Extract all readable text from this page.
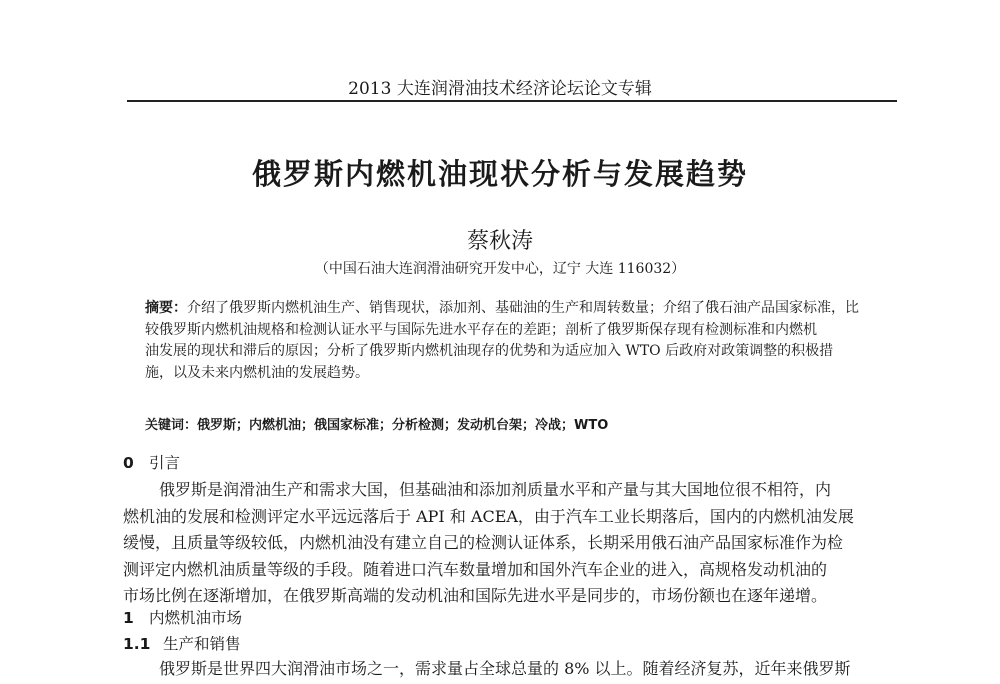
2013 大连润滑油技术经济论坛论文专辑
俄罗斯内燃机油现状分析与发展趋势
蔡秋涛
（中国石油大连润滑油研究开发中心，辽宁 大连 116032）
摘要：介绍了俄罗斯内燃机油生产、销售现状，添加剂、基础油的生产和周转数量；介绍了俄石油产品国家标准，比
较俄罗斯内燃机油规格和检测认证水平与国际先进水平存在的差距；剖析了俄罗斯保存现有检测标准和内燃机
油发展的现状和滞后的原因；分析了俄罗斯内燃机油现存的优势和为适应加入 WTO 后政府对政策调整的积极措
施，以及未来内燃机油的发展趋势。
关键词：俄罗斯；内燃机油；俄国家标准；分析检测；发动机台架；冷战；WTO
0 引言
俄罗斯是润滑油生产和需求大国，但基础油和添加剂质量水平和产量与其大国地位很不相符，内
燃机油的发展和检测评定水平远远落后于 API 和 ACEA，由于汽车工业长期落后，国内的内燃机油发展
缓慢，且质量等级较低，内燃机油没有建立自己的检测认证体系，长期采用俄石油产品国家标准作为检
测评定内燃机油质量等级的手段。随着进口汽车数量增加和国外汽车企业的进入，高规格发动机油的
市场比例在逐渐增加，在俄罗斯高端的发动机油和国际先进水平是同步的，市场份额也在逐年递增。
1 内燃机油市场
1.1 生产和销售
俄罗斯是世界四大润滑油市场之一，需求量占全球总量的 8% 以上。随着经济复苏，近年来俄罗斯
